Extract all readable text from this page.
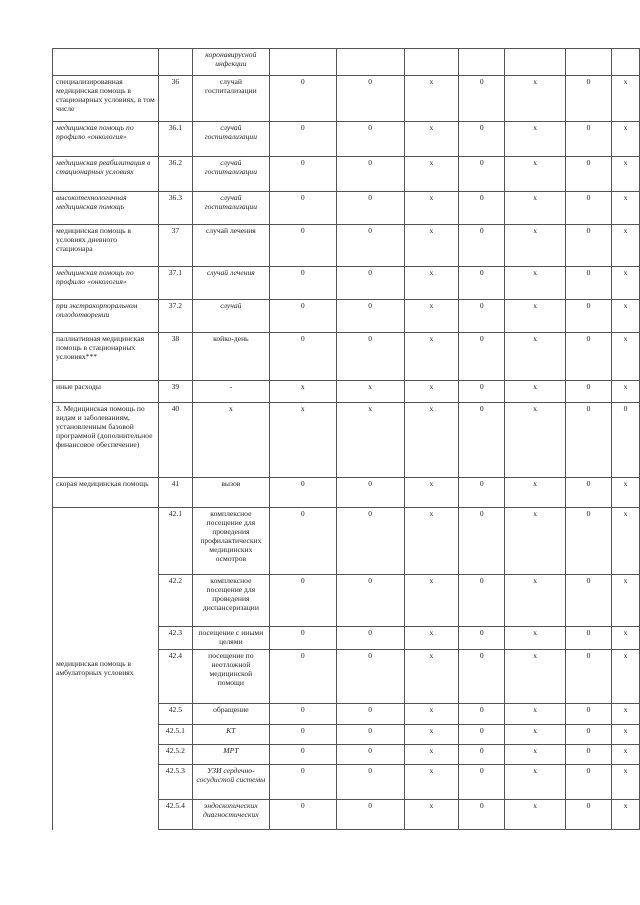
		коронавирусной инфекции							
специализированная медицинская помощь в стационарных условиях, в том числе	36	случай госпитализации	0	0	х	0	х	0	х
медицинская помощь по профилю «онкология»	36.1	случай госпитализации	0	0	х	0	х	0	х
медицинская реабилитация в стационарных условиях	36.2	случай госпитализации	0	0	х	0	х	0	х
высокотехнологичная медицинская помощь	36.3	случай госпитализации	0	0	х	0	х	0	х
медицинская помощь в условиях дневного стационара	37	случай лечения	0	0	х	0	х	0	х
медицинская помощь по профилю «онкология»	37.1	случай лечения	0	0	х	0	х	0	х
при экстракорпоральном оплодотворении	37.2	случай	0	0	х	0	х	0	х
паллиативная медицинская помощь в стационарных условиях***	38	койко-день	0	0	х	0	х	0	х
иные расходы	39	-	х	х	х	0	х	0	х
3. Медицинская помощь по видам и заболеваниям, установленным базовой программой (дополнительное финансовое обеспечение)	40	х	х	х	х	0	х	0	0
скорая медицинская помощь	41	вызов	0	0	х	0	х	0	х
медицинская помощь в амбулаторных условиях	42.1	комплексное посещение для проведения профилактических медицинских осмотров	0	0	х	0	х	0	х
	42.2	комплексное посещение для проведения диспансеризации	0	0	х	0	х	0	х
	42.3	посещение с иными целями	0	0	х	0	х	0	х
	42.4	посещение по неотложной медицинской помощи	0	0	х	0	х	0	х
	42.5	обращение	0	0	х	0	х	0	х
	42.5.1	КТ	0	0	х	0	х	0	х
	42.5.2	МРТ	0	0	х	0	х	0	х
	42.5.3	УЗИ сердечно-сосудистой системы	0	0	х	0	х	0	х
	42.5.4	эндоскопических диагностических	0	0	х	0	х	0	х
